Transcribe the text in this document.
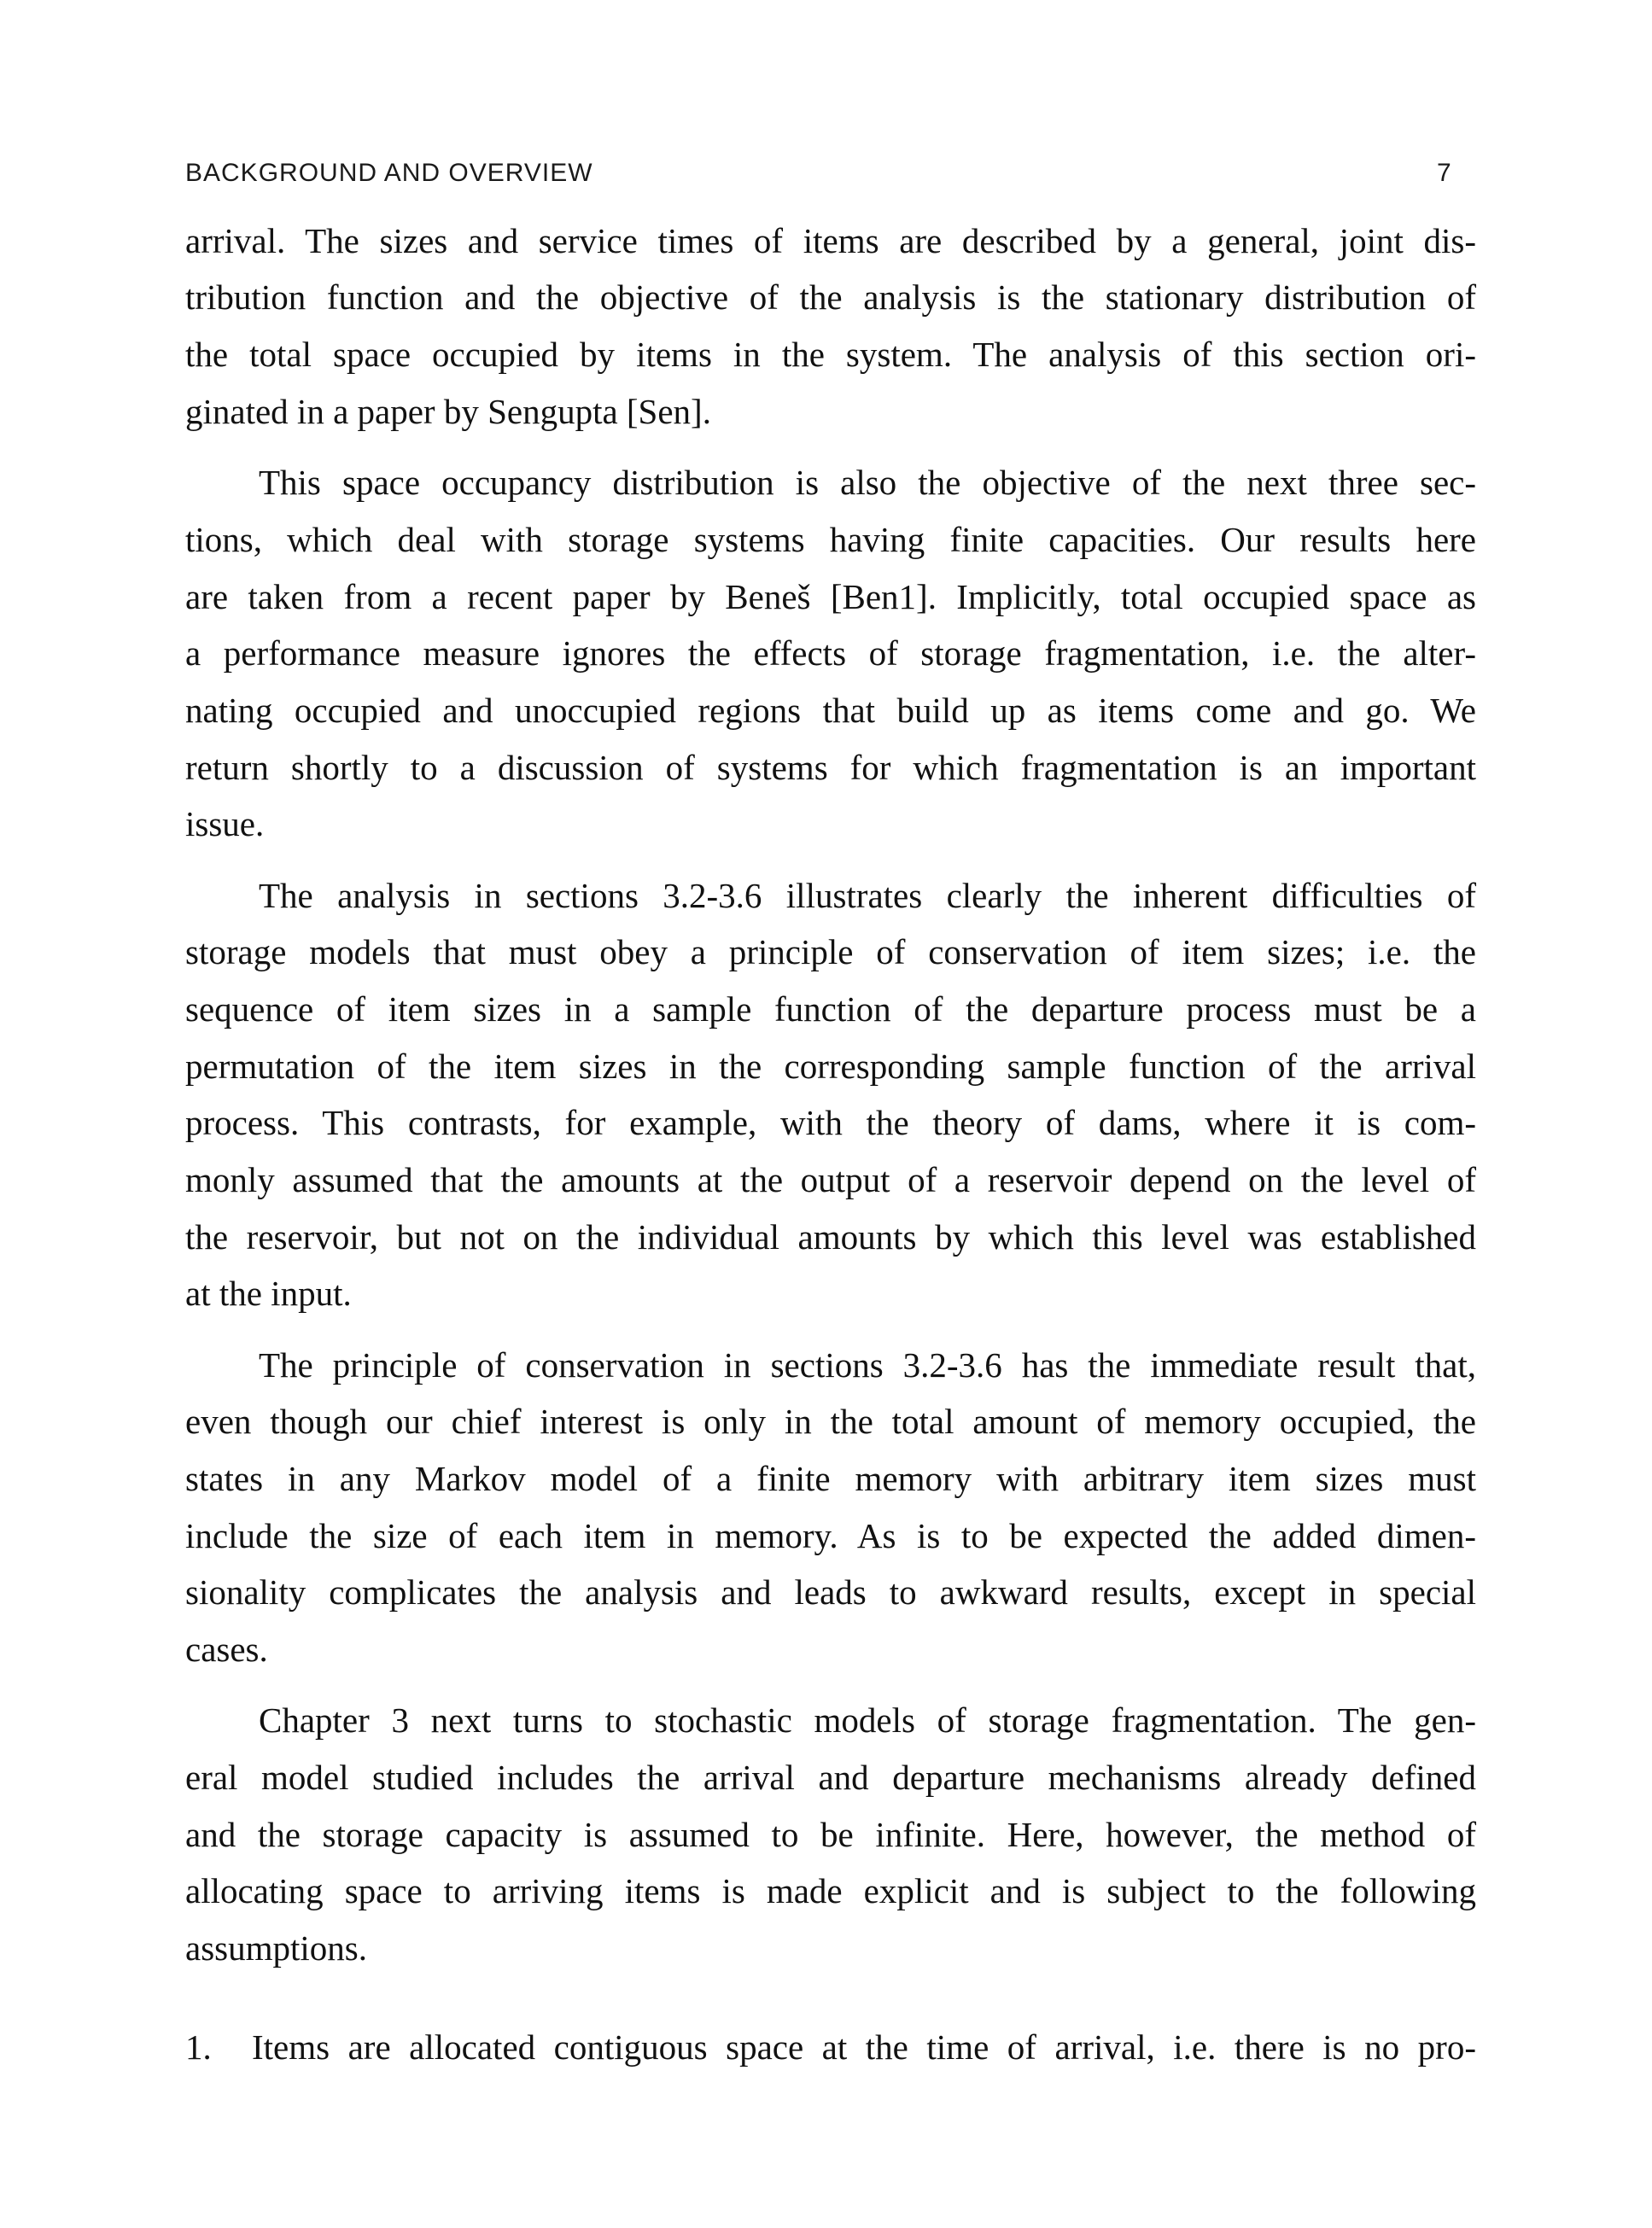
BACKGROUND AND OVERVIEW	7
arrival. The sizes and service times of items are described by a general, joint dis-
tribution function and the objective of the analysis is the stationary distribution of
the total space occupied by items in the system. The analysis of this section ori-
ginated in a paper by Sengupta [Sen].
This space occupancy distribution is also the objective of the next three sec-
tions, which deal with storage systems having finite capacities. Our results here
are taken from a recent paper by Beneš [Ben1]. Implicitly, total occupied space as
a performance measure ignores the effects of storage fragmentation, i.e. the alter-
nating occupied and unoccupied regions that build up as items come and go. We
return shortly to a discussion of systems for which fragmentation is an important
issue.
The analysis in sections 3.2-3.6 illustrates clearly the inherent difficulties of
storage models that must obey a principle of conservation of item sizes; i.e. the
sequence of item sizes in a sample function of the departure process must be a
permutation of the item sizes in the corresponding sample function of the arrival
process. This contrasts, for example, with the theory of dams, where it is com-
monly assumed that the amounts at the output of a reservoir depend on the level of
the reservoir, but not on the individual amounts by which this level was established
at the input.
The principle of conservation in sections 3.2-3.6 has the immediate result that,
even though our chief interest is only in the total amount of memory occupied, the
states in any Markov model of a finite memory with arbitrary item sizes must
include the size of each item in memory. As is to be expected the added dimen-
sionality complicates the analysis and leads to awkward results, except in special
cases.
Chapter 3 next turns to stochastic models of storage fragmentation. The gen-
eral model studied includes the arrival and departure mechanisms already defined
and the storage capacity is assumed to be infinite. Here, however, the method of
allocating space to arriving items is made explicit and is subject to the following
assumptions.
1. Items are allocated contiguous space at the time of arrival, i.e. there is no pro-
